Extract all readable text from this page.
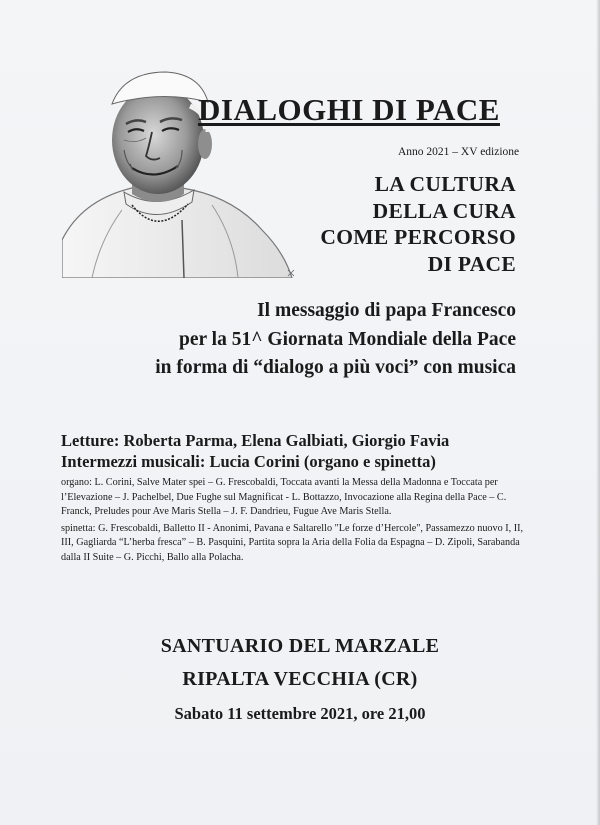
DIALOGHI DI PACE
Anno 2021 – XV edizione
LA CULTURA
DELLA CURA
COME PERCORSO
DI PACE
Il messaggio di papa Francesco
per la 51^ Giornata Mondiale della Pace
in forma di “dialogo a più voci” con musica
Letture: Roberta Parma, Elena Galbiati, Giorgio Favia
Intermezzi musicali: Lucia Corini (organo e spinetta)

organo: L. Corini, Salve Mater spei – G. Frescobaldi, Toccata avanti la Messa della Madonna e Toccata per l’Elevazione – J. Pachelbel, Due Fughe sul Magnificat - L. Bottazzo, Invocazione alla Regina della Pace – C. Franck, Preludes pour Ave Maris Stella – J. F. Dandrieu, Fugue Ave Maris Stella.

spinetta: G. Frescobaldi, Balletto II - Anonimi, Pavana e Saltarello "Le forze d’Hercole", Passamezzo nuovo I, II, III, Gagliarda “L’herba fresca” – B. Pasquini, Partita sopra la Aria della Folia da Espagna – D. Zipoli, Sarabanda dalla II Suite – G. Picchi, Ballo alla Polacha.

SANTUARIO DEL MARZALE
RIPALTA VECCHIA (CR)
Sabato 11 settembre 2021, ore 21,00
